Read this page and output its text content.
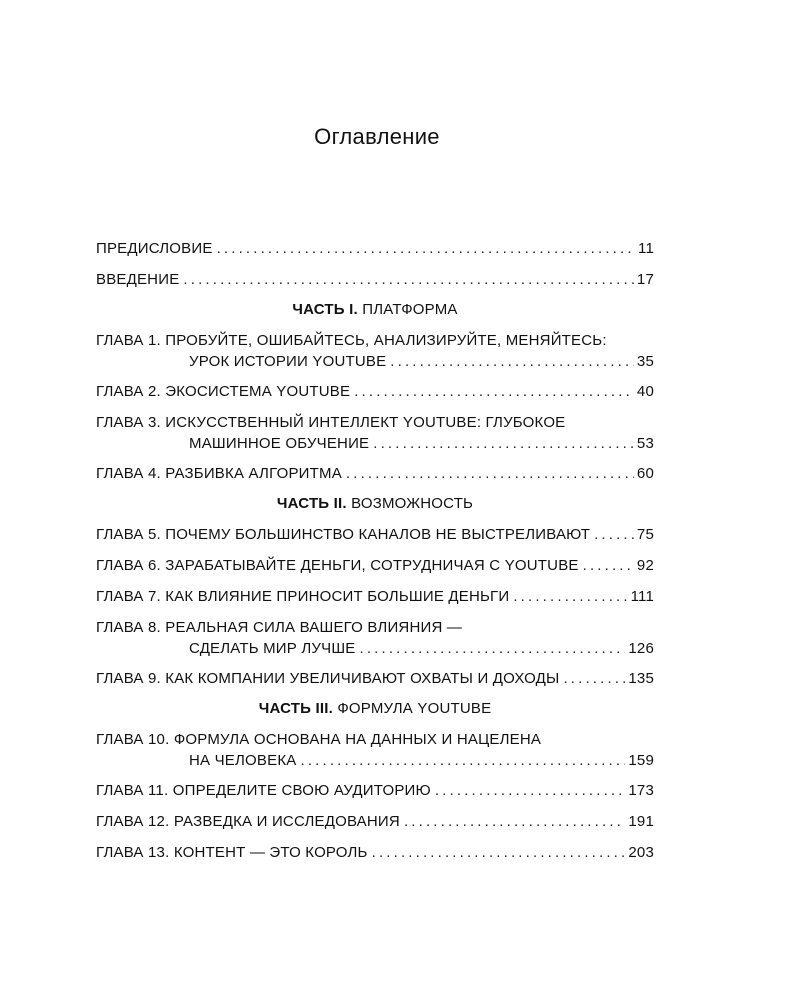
Оглавление
ПРЕДИСЛОВИЕ . . .	11
ВВЕДЕНИЕ . . .	17
ЧАСТЬ I. ПЛАТФОРМА
ГЛАВА 1. ПРОБУЙТЕ, ОШИБАЙТЕСЬ, АНАЛИЗИРУЙТЕ, МЕНЯЙТЕСЬ:
УРОК ИСТОРИИ YOUTUBE . . .	35
ГЛАВА 2. ЭКОСИСТЕМА YOUTUBE . . .	40
ГЛАВА 3. ИСКУССТВЕННЫЙ ИНТЕЛЛЕКТ YOUTUBE: ГЛУБОКОЕ
МАШИННОЕ ОБУЧЕНИЕ . . .	53
ГЛАВА 4. РАЗБИВКА АЛГОРИТМА . . .	60
ЧАСТЬ II. ВОЗМОЖНОСТЬ
ГЛАВА 5. ПОЧЕМУ БОЛЬШИНСТВО КАНАЛОВ НЕ ВЫСТРЕЛИВАЮТ . . .	75
ГЛАВА 6. ЗАРАБАТЫВАЙТЕ ДЕНЬГИ, СОТРУДНИЧАЯ С YOUTUBE . . .	92
ГЛАВА 7. КАК ВЛИЯНИЕ ПРИНОСИТ БОЛЬШИЕ ДЕНЬГИ . . .	111
ГЛАВА 8. РЕАЛЬНАЯ СИЛА ВАШЕГО ВЛИЯНИЯ —
СДЕЛАТЬ МИР ЛУЧШЕ . . .	126
ГЛАВА 9. КАК КОМПАНИИ УВЕЛИЧИВАЮТ ОХВАТЫ И ДОХОДЫ . . .	135
ЧАСТЬ III. ФОРМУЛА YOUTUBE
ГЛАВА 10. ФОРМУЛА ОСНОВАНА НА ДАННЫХ И НАЦЕЛЕНА
НА ЧЕЛОВЕКА . . .	159
ГЛАВА 11. ОПРЕДЕЛИТЕ СВОЮ АУДИТОРИЮ . . .	173
ГЛАВА 12. РАЗВЕДКА И ИССЛЕДОВАНИЯ . . .	191
ГЛАВА 13. КОНТЕНТ — ЭТО КОРОЛЬ . . .	203
